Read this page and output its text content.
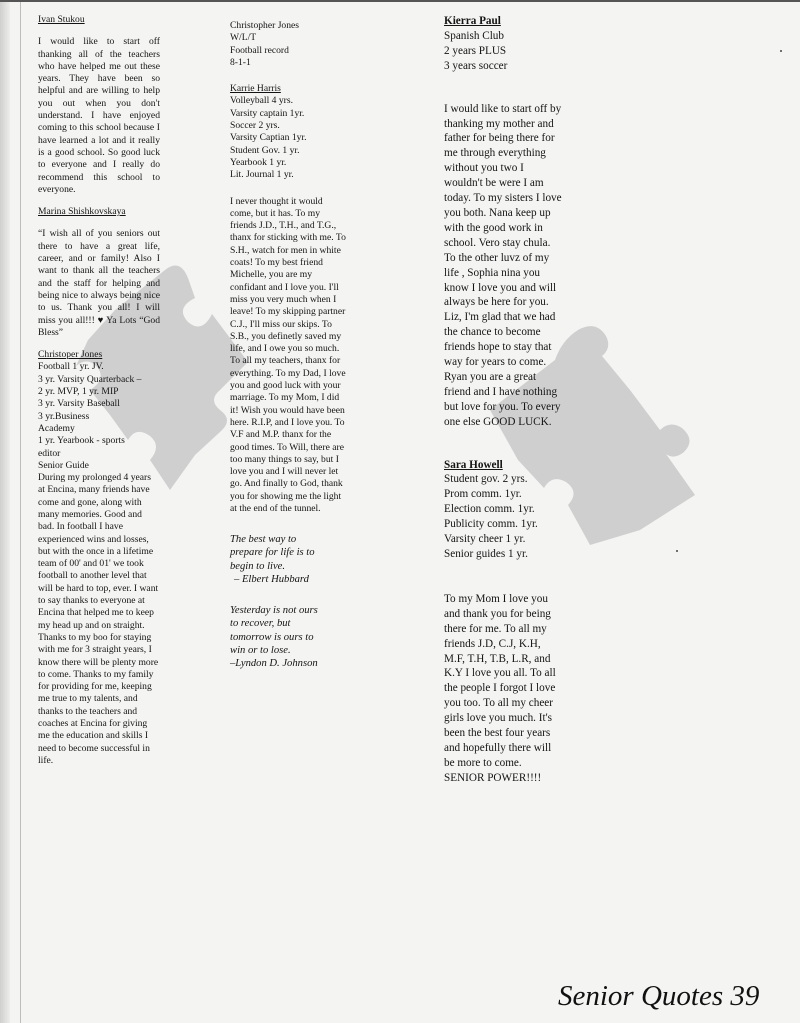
Ivan Stukou

I would like to start off thanking all of the teachers who have helped me out these years. They have been so helpful and are willing to help you out when you don't understand. I have enjoyed coming to this school because I have learned a lot and it really is a good school. So good luck to everyone and I really do recommend this school to everyone.

Marina Shishkovskaya

“I wish all of you seniors out there to have a great life, career, and or family! Also I want to thank all the teachers and the staff for helping and being nice to always being nice to us. Thank you all! I will miss you all!!! ♥ Ya Lots “God Bless”

Christoper Jones

Football 1 yr. JV.

3 yr. Varsity Quarterback –

2 yr. MVP, 1 yr. MIP

3 yr. Varsity Baseball

3 yr.Business

Academy

1 yr. Yearbook - sports

editor

Senior Guide

During my prolonged 4 years at Encina, many friends have come and gone, along with many memories. Good and bad. In football I have experienced wins and losses, but with the once in a lifetime team of 00' and 01' we took football to another level that will be hard to top, ever. I want to say thanks to everyone at Encina that helped me to keep my head up and on straight. Thanks to my boo for staying with me for 3 straight years, I know there will be plenty more to come. Thanks to my family for providing for me, keeping me true to my talents, and thanks to the teachers and coaches at Encina for giving me the education and skills I need to become successful in life.

Christopher Jones

W/L/T

Football record

8-1-1

Karrie Harris

Volleyball 4 yrs.

Varsity captain 1yr.

Soccer 2 yrs.

Varsity Captian 1yr.

Student Gov. 1 yr.

Yearbook 1 yr.

Lit. Journal 1 yr.

I never thought it would come, but it has. To my friends J.D., T.H., and T.G., thanx for sticking with me. To S.H., watch for men in white coats! To my best friend Michelle, you are my confidant and I love you. I'll miss you very much when I leave! To my skipping partner C.J., I'll miss our skips. To S.B., you definetly saved my life, and I owe you so much. To all my teachers, thanx for everything. To my Dad, I love you and good luck with your marriage. To my Mom, I did it! Wish you would have been here. R.I.P, and I love you. To V.F and M.P. thanx for the good times. To Will, there are too many things to say, but I love you and I will never let go. And finally to God, thank you for showing me the light at the end of the tunnel.

The best way to

prepare for life is to

begin to live.

– Elbert Hubbard

Yesterday is not ours

to recover, but

tomorrow is ours to

win or to lose.

–Lyndon D. Johnson

Kierra Paul

Spanish Club

2 years PLUS

3 years soccer

I would like to start off by thanking my mother and father for being there for me through everything without you two I wouldn't be were I am today. To my sisters I love you both. Nana keep up with the good work in school. Vero stay chula. To the other luvz of my life , Sophia nina you know I love you and will always be here for you. Liz, I'm glad that we had the chance to become friends hope to stay that way for years to come. Ryan you are a great friend and I have nothing but love for you. To every one else GOOD LUCK.

Sara Howell

Student gov. 2 yrs.

Prom comm. 1yr.

Election comm. 1yr.

Publicity comm. 1yr.

Varsity cheer 1 yr.

Senior guides 1 yr.

To my Mom I love you and thank you for being there for me. To all my friends J.D, C.J, K.H, M.F, T.H, T.B, L.R, and K.Y I love you all. To all the people I forgot I love you too. To all my cheer girls love you much. It's been the best four years and hopefully there will be more to come. SENIOR POWER!!!!

Senior Quotes 39
